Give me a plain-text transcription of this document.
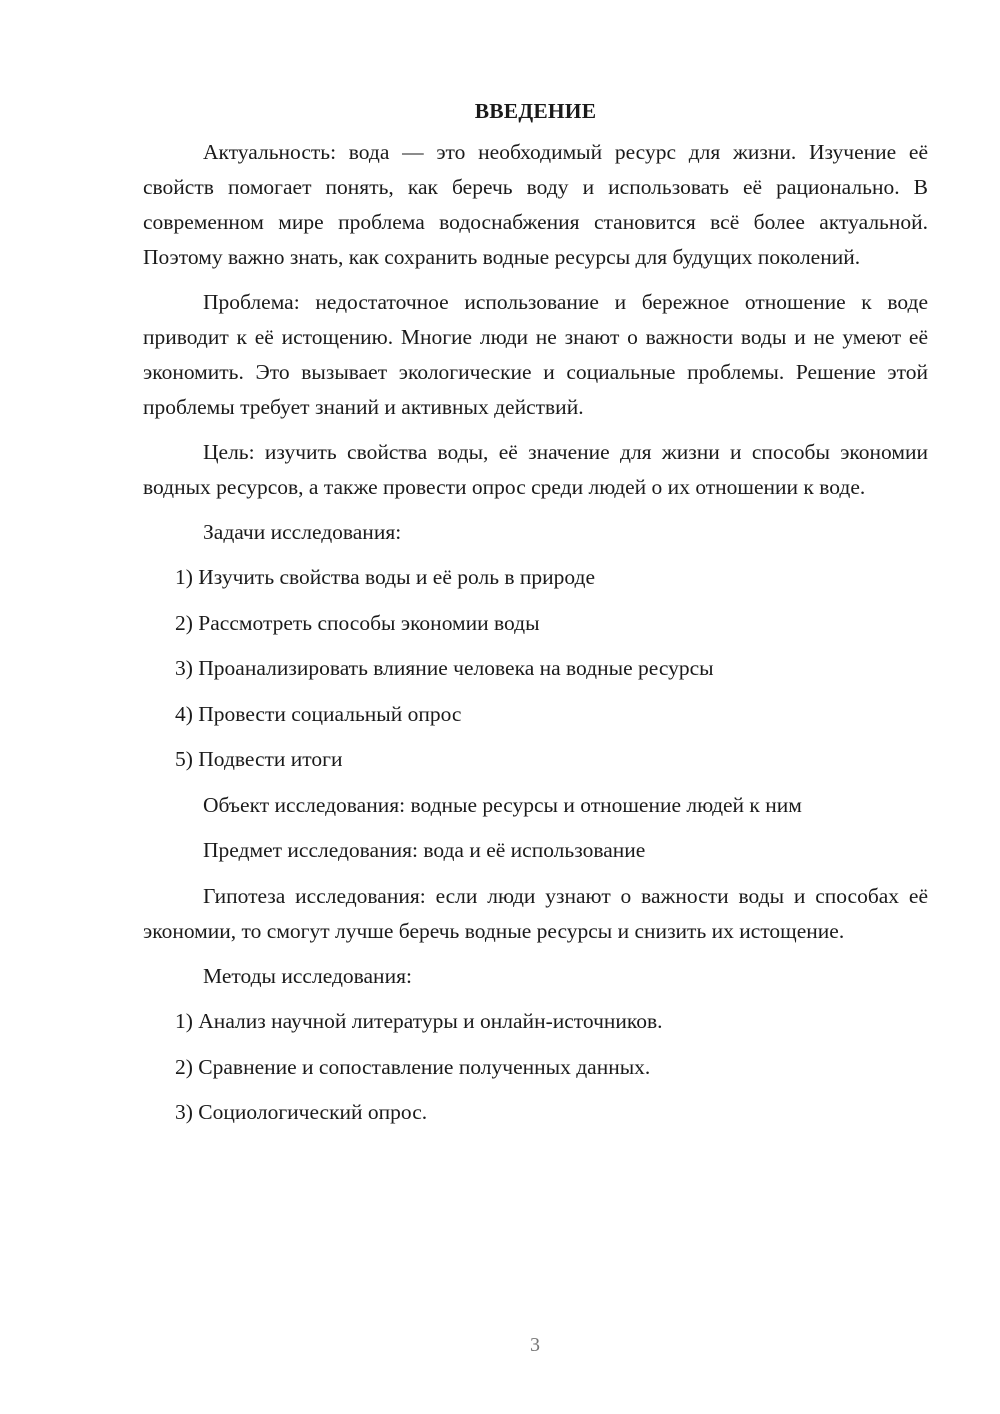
ВВЕДЕНИЕ

Актуальность: вода — это необходимый ресурс для жизни. Изучение её свойств помогает понять, как беречь воду и использовать её рационально. В современном мире проблема водоснабжения становится всё более актуальной. Поэтому важно знать, как сохранить водные ресурсы для будущих поколений.

Проблема: недостаточное использование и бережное отношение к воде приводит к её истощению. Многие люди не знают о важности воды и не умеют её экономить. Это вызывает экологические и социальные проблемы. Решение этой проблемы требует знаний и активных действий.

Цель: изучить свойства воды, её значение для жизни и способы экономии водных ресурсов, а также провести опрос среди людей о их отношении к воде.

Задачи исследования:

1) Изучить свойства воды и её роль в природе
2) Рассмотреть способы экономии воды
3) Проанализировать влияние человека на водные ресурсы
4) Провести социальный опрос
5) Подвести итоги

Объект исследования: водные ресурсы и отношение людей к ним

Предмет исследования: вода и её использование

Гипотеза исследования: если люди узнают о важности воды и способах её экономии, то смогут лучше беречь водные ресурсы и снизить их истощение.

Методы исследования:

1) Анализ научной литературы и онлайн-источников.
2) Сравнение и сопоставление полученных данных.
3) Социологический опрос.
3
